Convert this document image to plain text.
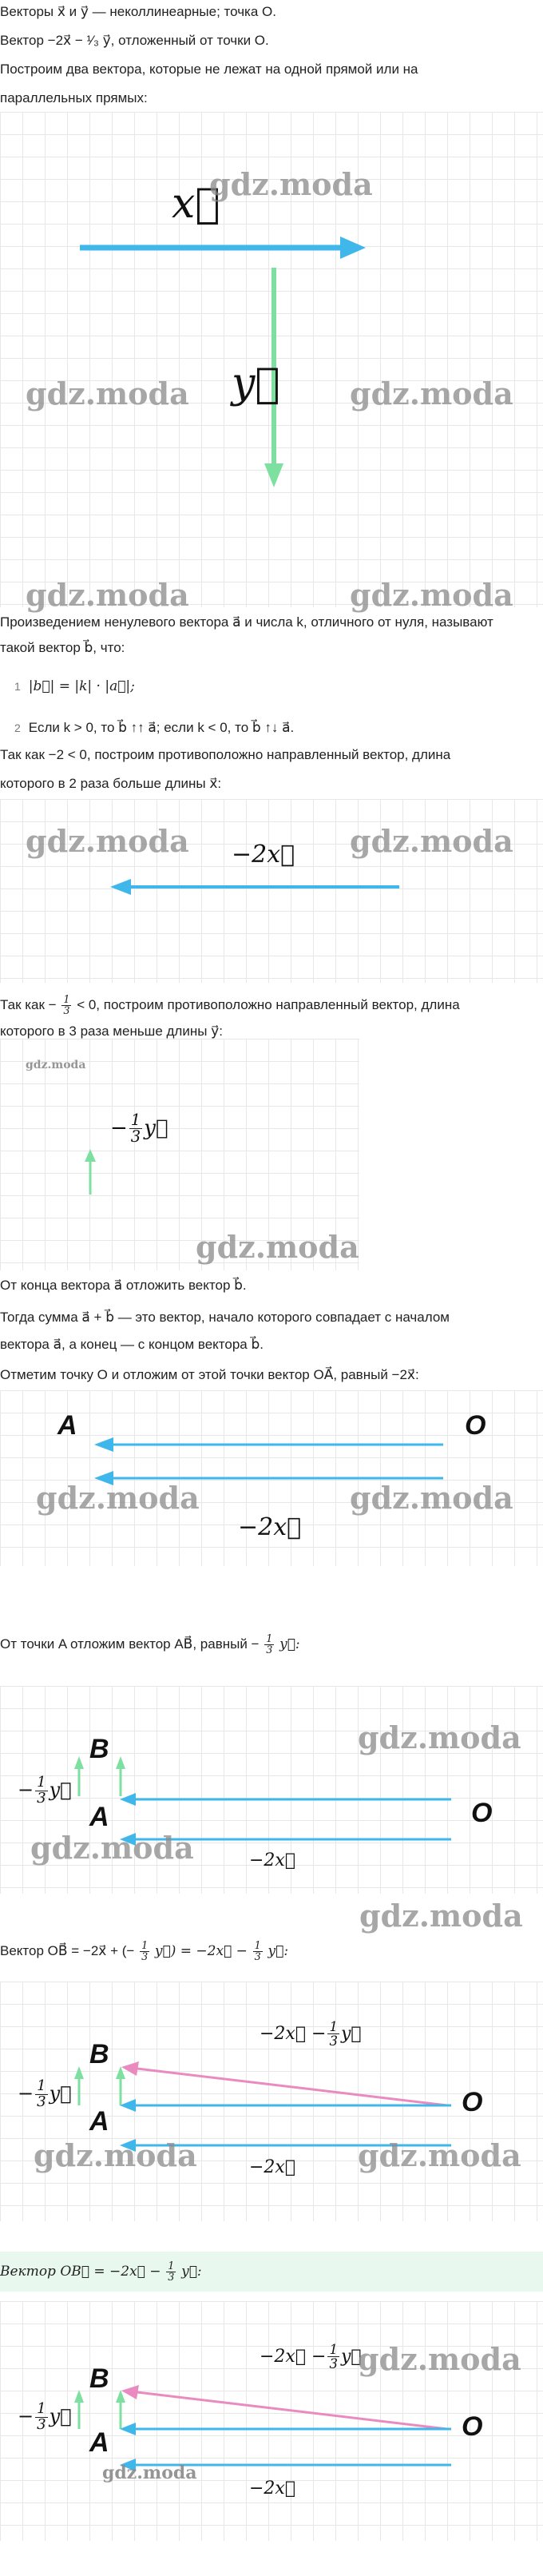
Векторы x⃗ и y⃗ — неколлинеарные; точка O.
Вектор −2x⃗ − ¹⁄₃ y⃗, отложенный от точки O.
Построим два вектора, которые не лежат на одной прямой или на
параллельных прямых:
x⃗
y⃗
gdz.moda
gdz.moda	gdz.moda
gdz.moda	gdz.moda
Произведением ненулевого вектора a⃗ и числа k, отличного от нуля, называют
такой вектор b⃗, что:
1 |b⃗| = |k| · |a⃗|;
2 Если k > 0, то b⃗ ↑↑ a⃗; если k < 0, то b⃗ ↑↓ a⃗.
Так как −2 < 0, построим противоположно направленный вектор, длина
которого в 2 раза больше длины x⃗:
−2x⃗
gdz.moda	gdz.moda
Так как − $\frac{1}{3} < 0$, построим противоположно направленный вектор, длина
которого в 3 раза меньше длины y⃗:
− $\frac{1}{3}$ y⃗
gdz.moda
gdz.moda
От конца вектора a⃗ отложить вектор b⃗.
Тогда сумма a⃗ + b⃗ — это вектор, начало которого совпадает с началом
вектора a⃗, а конец — с концом вектора b⃗.
Отметим точку O и отложим от этой точки вектор OA⃗, равный −2x⃗:
A	O
−2x⃗
gdz.moda	gdz.moda
От точки A отложим вектор AB⃗, равный − $\frac{1}{3}$ y⃗:
− $\frac{1}{3}$ y⃗
B
A	O
−2x⃗
gdz.moda
gdz.moda
gdz.moda
Вектор OB⃗ = −2x⃗ + (− $\frac{1}{3}$ y⃗) = −2x⃗ − $\frac{1}{3}$ y⃗:
−2x⃗ − $\frac{1}{3}$ y⃗
− $\frac{1}{3}$ y⃗
B
A
O
−2x⃗
gdz.moda	gdz.moda
Вектор OB⃗ = −2x⃗ − $\frac{1}{3}$ y⃗:
−2x⃗ − $\frac{1}{3}$ y⃗
− $\frac{1}{3}$ y⃗
B
A
O
−2x⃗
gdz.moda
gdz.moda
